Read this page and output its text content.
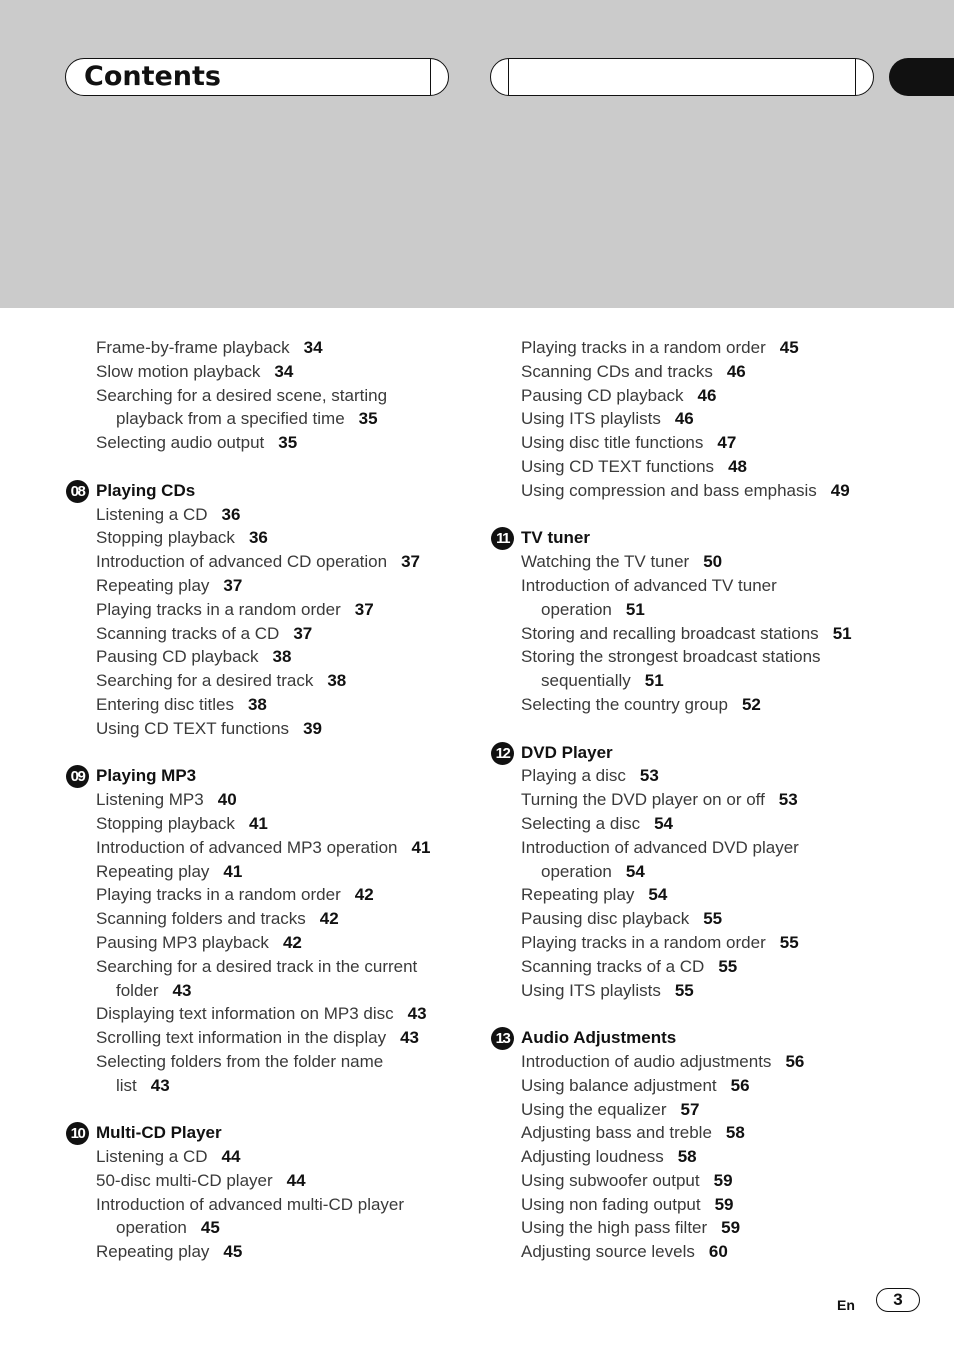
Contents
Frame-by-frame playback 34
Slow motion playback 34
Searching for a desired scene, starting
playback from a specified time 35
Selecting audio output 35
08 Playing CDs
Listening a CD 36
Stopping playback 36
Introduction of advanced CD operation 37
Repeating play 37
Playing tracks in a random order 37
Scanning tracks of a CD 37
Pausing CD playback 38
Searching for a desired track 38
Entering disc titles 38
Using CD TEXT functions 39
09 Playing MP3
Listening MP3 40
Stopping playback 41
Introduction of advanced MP3 operation 41
Repeating play 41
Playing tracks in a random order 42
Scanning folders and tracks 42
Pausing MP3 playback 42
Searching for a desired track in the current
folder 43
Displaying text information on MP3 disc 43
Scrolling text information in the display 43
Selecting folders from the folder name
list 43
10 Multi-CD Player
Listening a CD 44
50-disc multi-CD player 44
Introduction of advanced multi-CD player
operation 45
Repeating play 45
Playing tracks in a random order 45
Scanning CDs and tracks 46
Pausing CD playback 46
Using ITS playlists 46
Using disc title functions 47
Using CD TEXT functions 48
Using compression and bass emphasis 49
11 TV tuner
Watching the TV tuner 50
Introduction of advanced TV tuner
operation 51
Storing and recalling broadcast stations 51
Storing the strongest broadcast stations
sequentially 51
Selecting the country group 52
12 DVD Player
Playing a disc 53
Turning the DVD player on or off 53
Selecting a disc 54
Introduction of advanced DVD player
operation 54
Repeating play 54
Pausing disc playback 55
Playing tracks in a random order 55
Scanning tracks of a CD 55
Using ITS playlists 55
13 Audio Adjustments
Introduction of audio adjustments 56
Using balance adjustment 56
Using the equalizer 57
Adjusting bass and treble 58
Adjusting loudness 58
Using subwoofer output 59
Using non fading output 59
Using the high pass filter 59
Adjusting source levels 60
En	3
